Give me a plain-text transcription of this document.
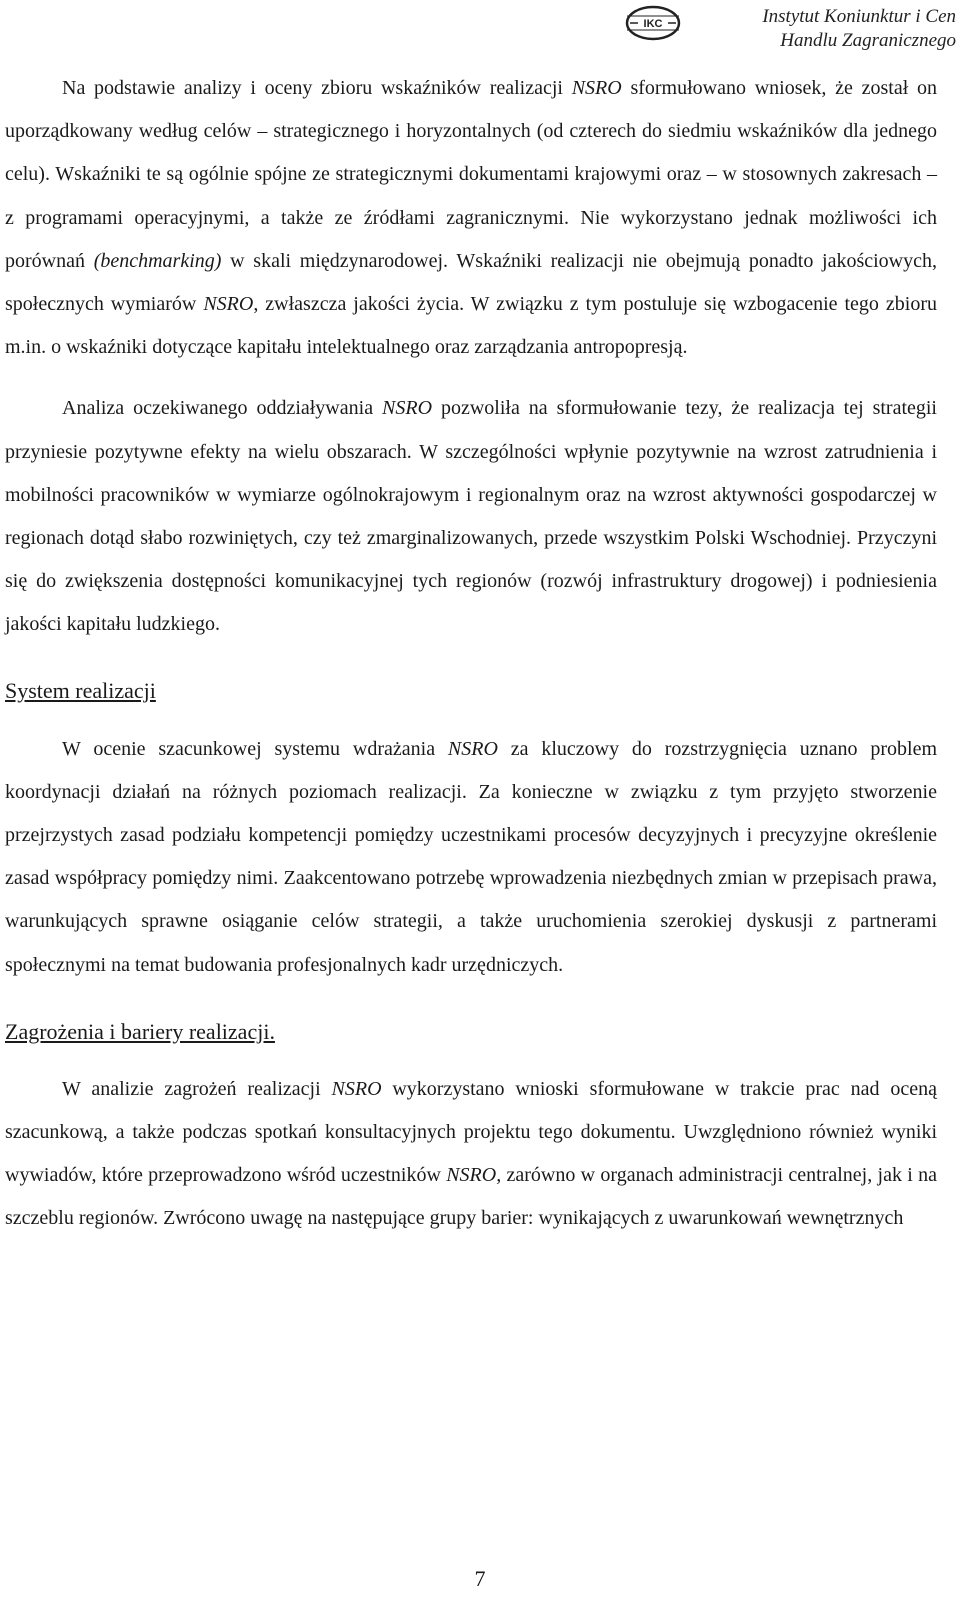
IKC	Instytut Koniunktur i Cen
Handlu Zagranicznego

Na podstawie analizy i oceny zbioru wskaźników realizacji NSRO sformułowano wniosek, że został on uporządkowany według celów – strategicznego i horyzontalnych (od czterech do siedmiu wskaźników dla jednego celu). Wskaźniki te są ogólnie spójne ze strategicznymi dokumentami krajowymi oraz – w stosownych zakresach – z programami operacyjnymi, a także ze źródłami zagranicznymi. Nie wykorzystano jednak możliwości ich porównań (benchmarking) w skali międzynarodowej. Wskaźniki realizacji nie obejmują ponadto jakościowych, społecznych wymiarów NSRO, zwłaszcza jakości życia. W związku z tym postuluje się wzbogacenie tego zbioru m.in. o wskaźniki dotyczące kapitału intelektualnego oraz zarządzania antropopresją.

Analiza oczekiwanego oddziaływania NSRO pozwoliła na sformułowanie tezy, że realizacja tej strategii przyniesie pozytywne efekty na wielu obszarach. W szczególności wpłynie pozytywnie na wzrost zatrudnienia i mobilności pracowników w wymiarze ogólnokrajowym i regionalnym oraz na wzrost aktywności gospodarczej w regionach dotąd słabo rozwiniętych, czy też zmarginalizowanych, przede wszystkim Polski Wschodniej. Przyczyni się do zwiększenia dostępności komunikacyjnej tych regionów (rozwój infrastruktury drogowej) i podniesienia jakości kapitału ludzkiego.

System realizacji

W ocenie szacunkowej systemu wdrażania NSRO za kluczowy do rozstrzygnięcia uznano problem koordynacji działań na różnych poziomach realizacji. Za konieczne w związku z tym przyjęto stworzenie przejrzystych zasad podziału kompetencji pomiędzy uczestnikami procesów decyzyjnych i precyzyjne określenie zasad współpracy pomiędzy nimi. Zaakcentowano potrzebę wprowadzenia niezbędnych zmian w przepisach prawa, warunkujących sprawne osiąganie celów strategii, a także uruchomienia szerokiej dyskusji z partnerami społecznymi na temat budowania profesjonalnych kadr urzędniczych.

Zagrożenia i bariery realizacji.

W analizie zagrożeń realizacji NSRO wykorzystano wnioski sformułowane w trakcie prac nad oceną szacunkową, a także podczas spotkań konsultacyjnych projektu tego dokumentu. Uwzględniono również wyniki wywiadów, które przeprowadzono wśród uczestników NSRO, zarówno w organach administracji centralnej, jak i na szczeblu regionów. Zwrócono uwagę na następujące grupy barier: wynikających z uwarunkowań wewnętrznych

7
